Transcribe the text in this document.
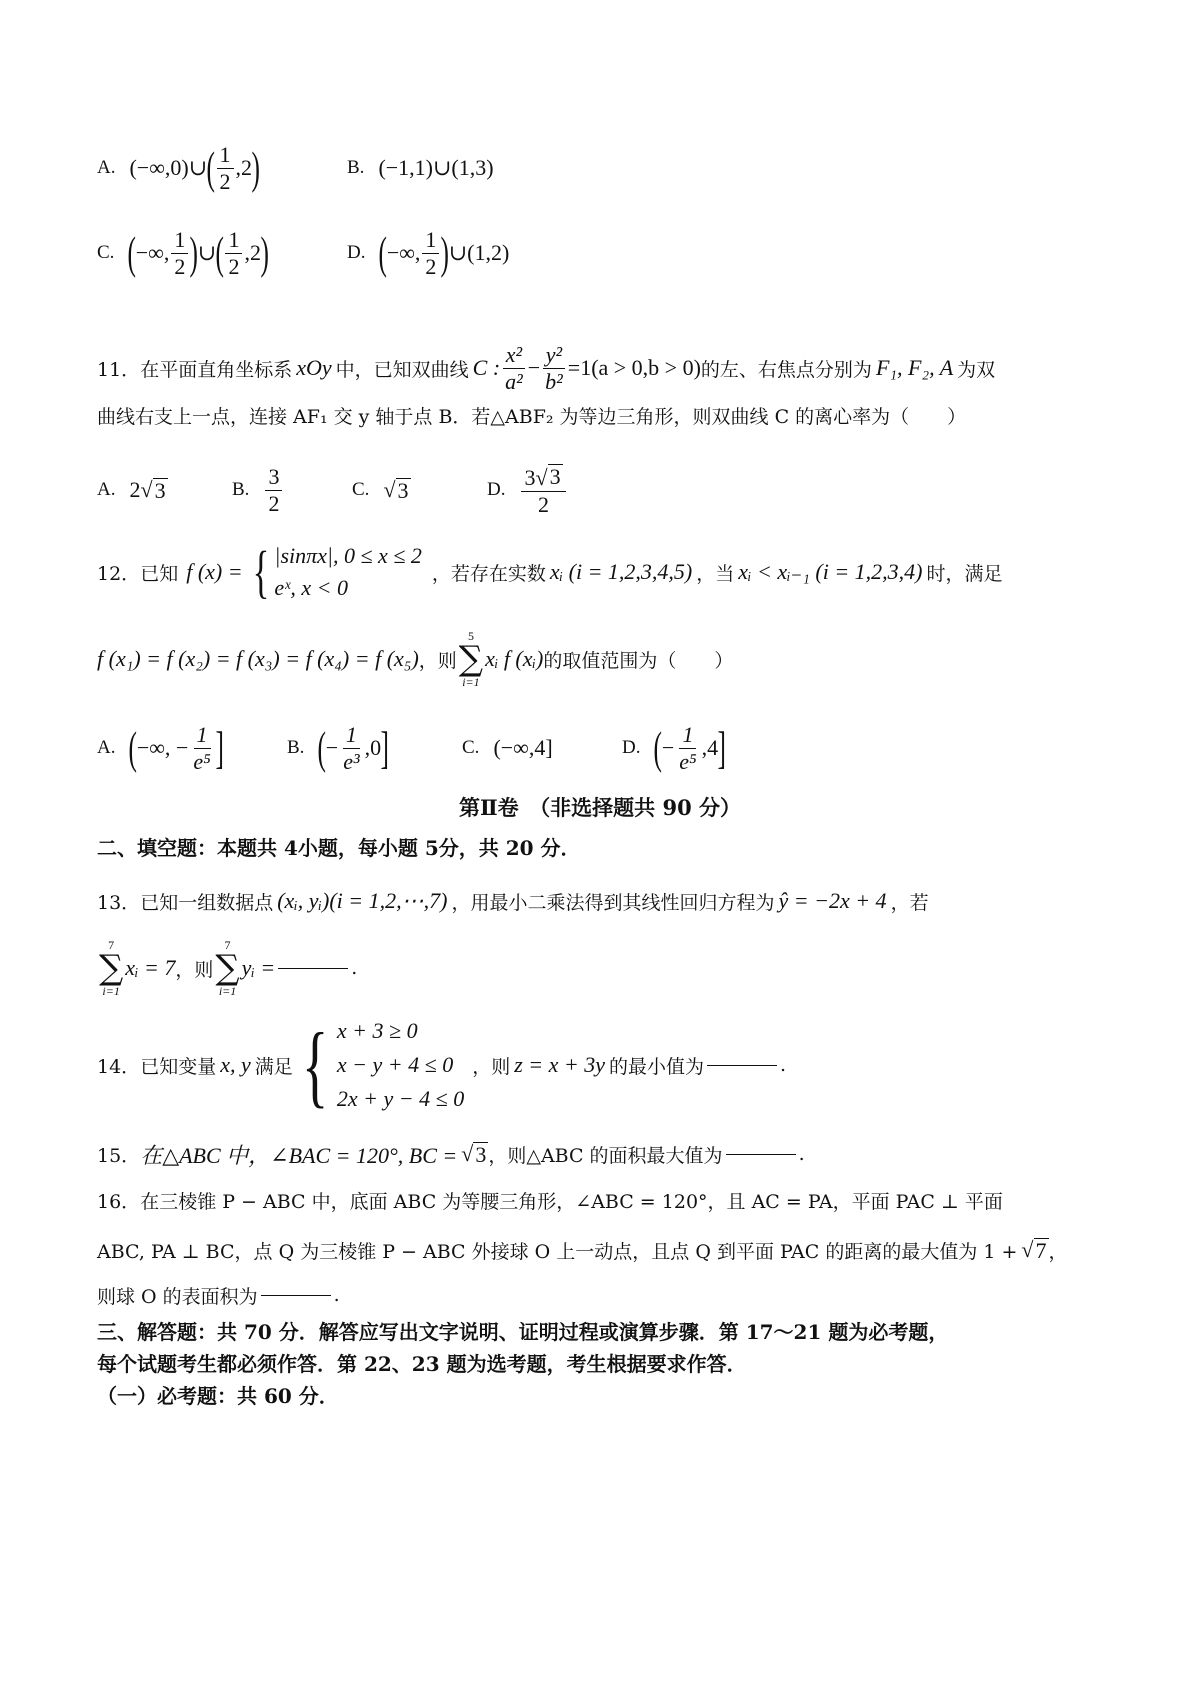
A. (−∞,0)∪ ( $\frac{1}{2} ,2$ )	B. (−1,1)∪(1,3)
C. ( −∞, $\frac{1}{2}$ ) ∪ ( $\frac{1}{2} ,2$ )	D. ( −∞, $\frac{1}{2}$ ) ∪(1,2)
11． 在平面直角坐标系 xOy 中，已知双曲线 C : $\frac{\text{x²}}{\text{a²}} - \frac{\text{y²}}{\text{b²}} =1(a > 0,b > 0)$ 的左、右焦点分别为 F₁, F₂, A 为双
曲线右支上一点，连接 AF₁ 交 y 轴于点 B．若△ABF₂ 为等边三角形，则双曲线 C 的离心率为（　　）
A. 2 √ 3	B. $\frac{3}{2}$	C. √ 3	D. $\frac{3√ 3}{2}$
12． 已知 f (x) = { |sinπx|, 0 ≤ x ≤ 2
eˣ, x < 0
，若存在实数 xᵢ (i = 1,2,3,4,5) ，当 xᵢ < xᵢ₋₁ (i = 1,2,3,4) 时，满足
f (x₁) = f (x₂) = f (x₃) = f (x₄) = f (x₅) ，则
5
∑
i=1
xᵢ f (xᵢ) 的取值范围为（　　）
A. ( −∞, − $\frac{1}{\text{e⁵}}$ ]	B. ( − $\frac{1}{\text{e³}} ,0$ ]	C. (−∞,4]	D. ( − $\frac{1}{\text{e⁵}} ,4$ ]
第Ⅱ卷　（非选择题共 90 分）
二、填空题：本题共 4小题，每小题 5分，共 20 分．
13． 已知一组数据点 (xᵢ, yᵢ)(i = 1,2,⋯,7) ，用最小二乘法得到其线性回归方程为 ŷ = −2x + 4 ，若
7
∑
i=1
xᵢ = 7 ，则
7
∑
i=1
yᵢ =	.
14． 已知变量 x, y 满足 { x + 3 ≥ 0
x − y + 4 ≤ 0
2x + y − 4 ≤ 0
，则 z = x + 3y 的最小值为	.
15． 在△ABC 中，∠BAC = 120°, BC = √ 3 ，则△ABC 的面积最大值为	.
16． 在三棱锥 P − ABC 中，底面 ABC 为等腰三角形，∠ABC = 120°，且 AC = PA，平面 PAC ⊥ 平面
ABC, PA ⊥ BC，点 Q 为三棱锥 P − ABC 外接球 O 上一动点，且点 Q 到平面 PAC 的距离的最大值为 1 + √ 7 ，
则球 O 的表面积为	.
三、解答题：共 70 分．解答应写出文字说明、证明过程或演算步骤．第 17～21 题为必考题，
每个试题考生都必须作答．第 22、23 题为选考题，考生根据要求作答．
（一）必考题：共 60 分．
